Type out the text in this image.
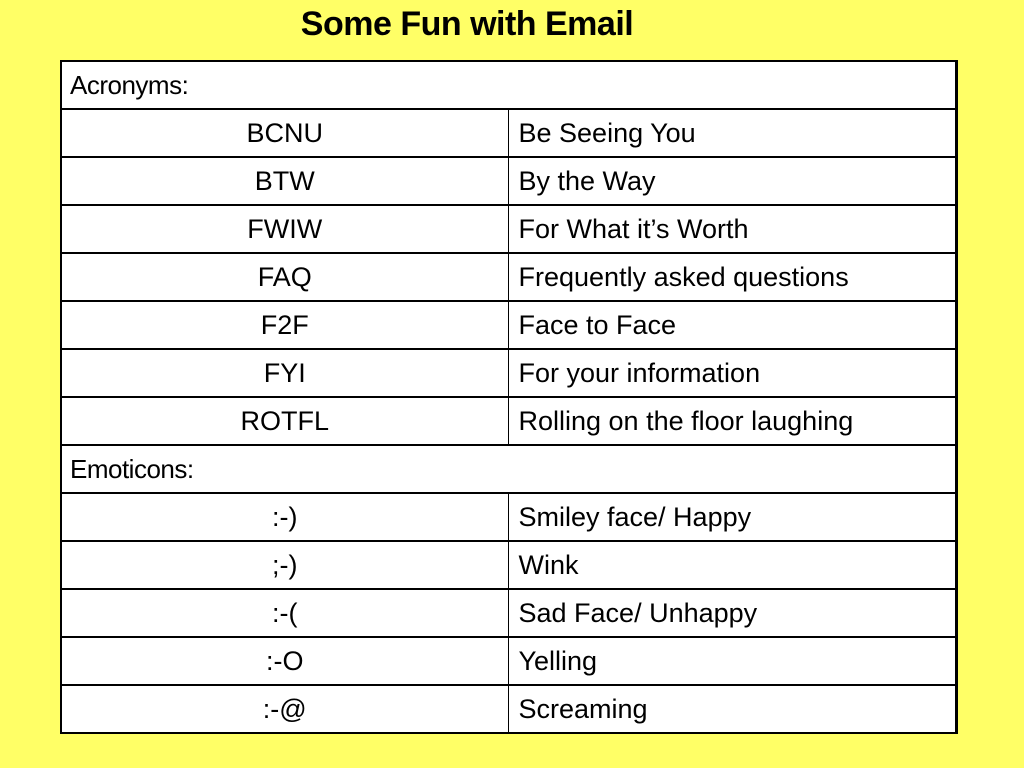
Some Fun with Email
Acronyms:	
BCNU	Be Seeing You
BTW	By the Way
FWIW	For What it’s Worth
FAQ	Frequently asked questions
F2F	Face to Face
FYI	For your information
ROTFL	Rolling on the floor laughing
Emoticons:	
:-)	Smiley face/ Happy
;-)	Wink
:-(	Sad Face/ Unhappy
:-O	Yelling
:-@	Screaming
